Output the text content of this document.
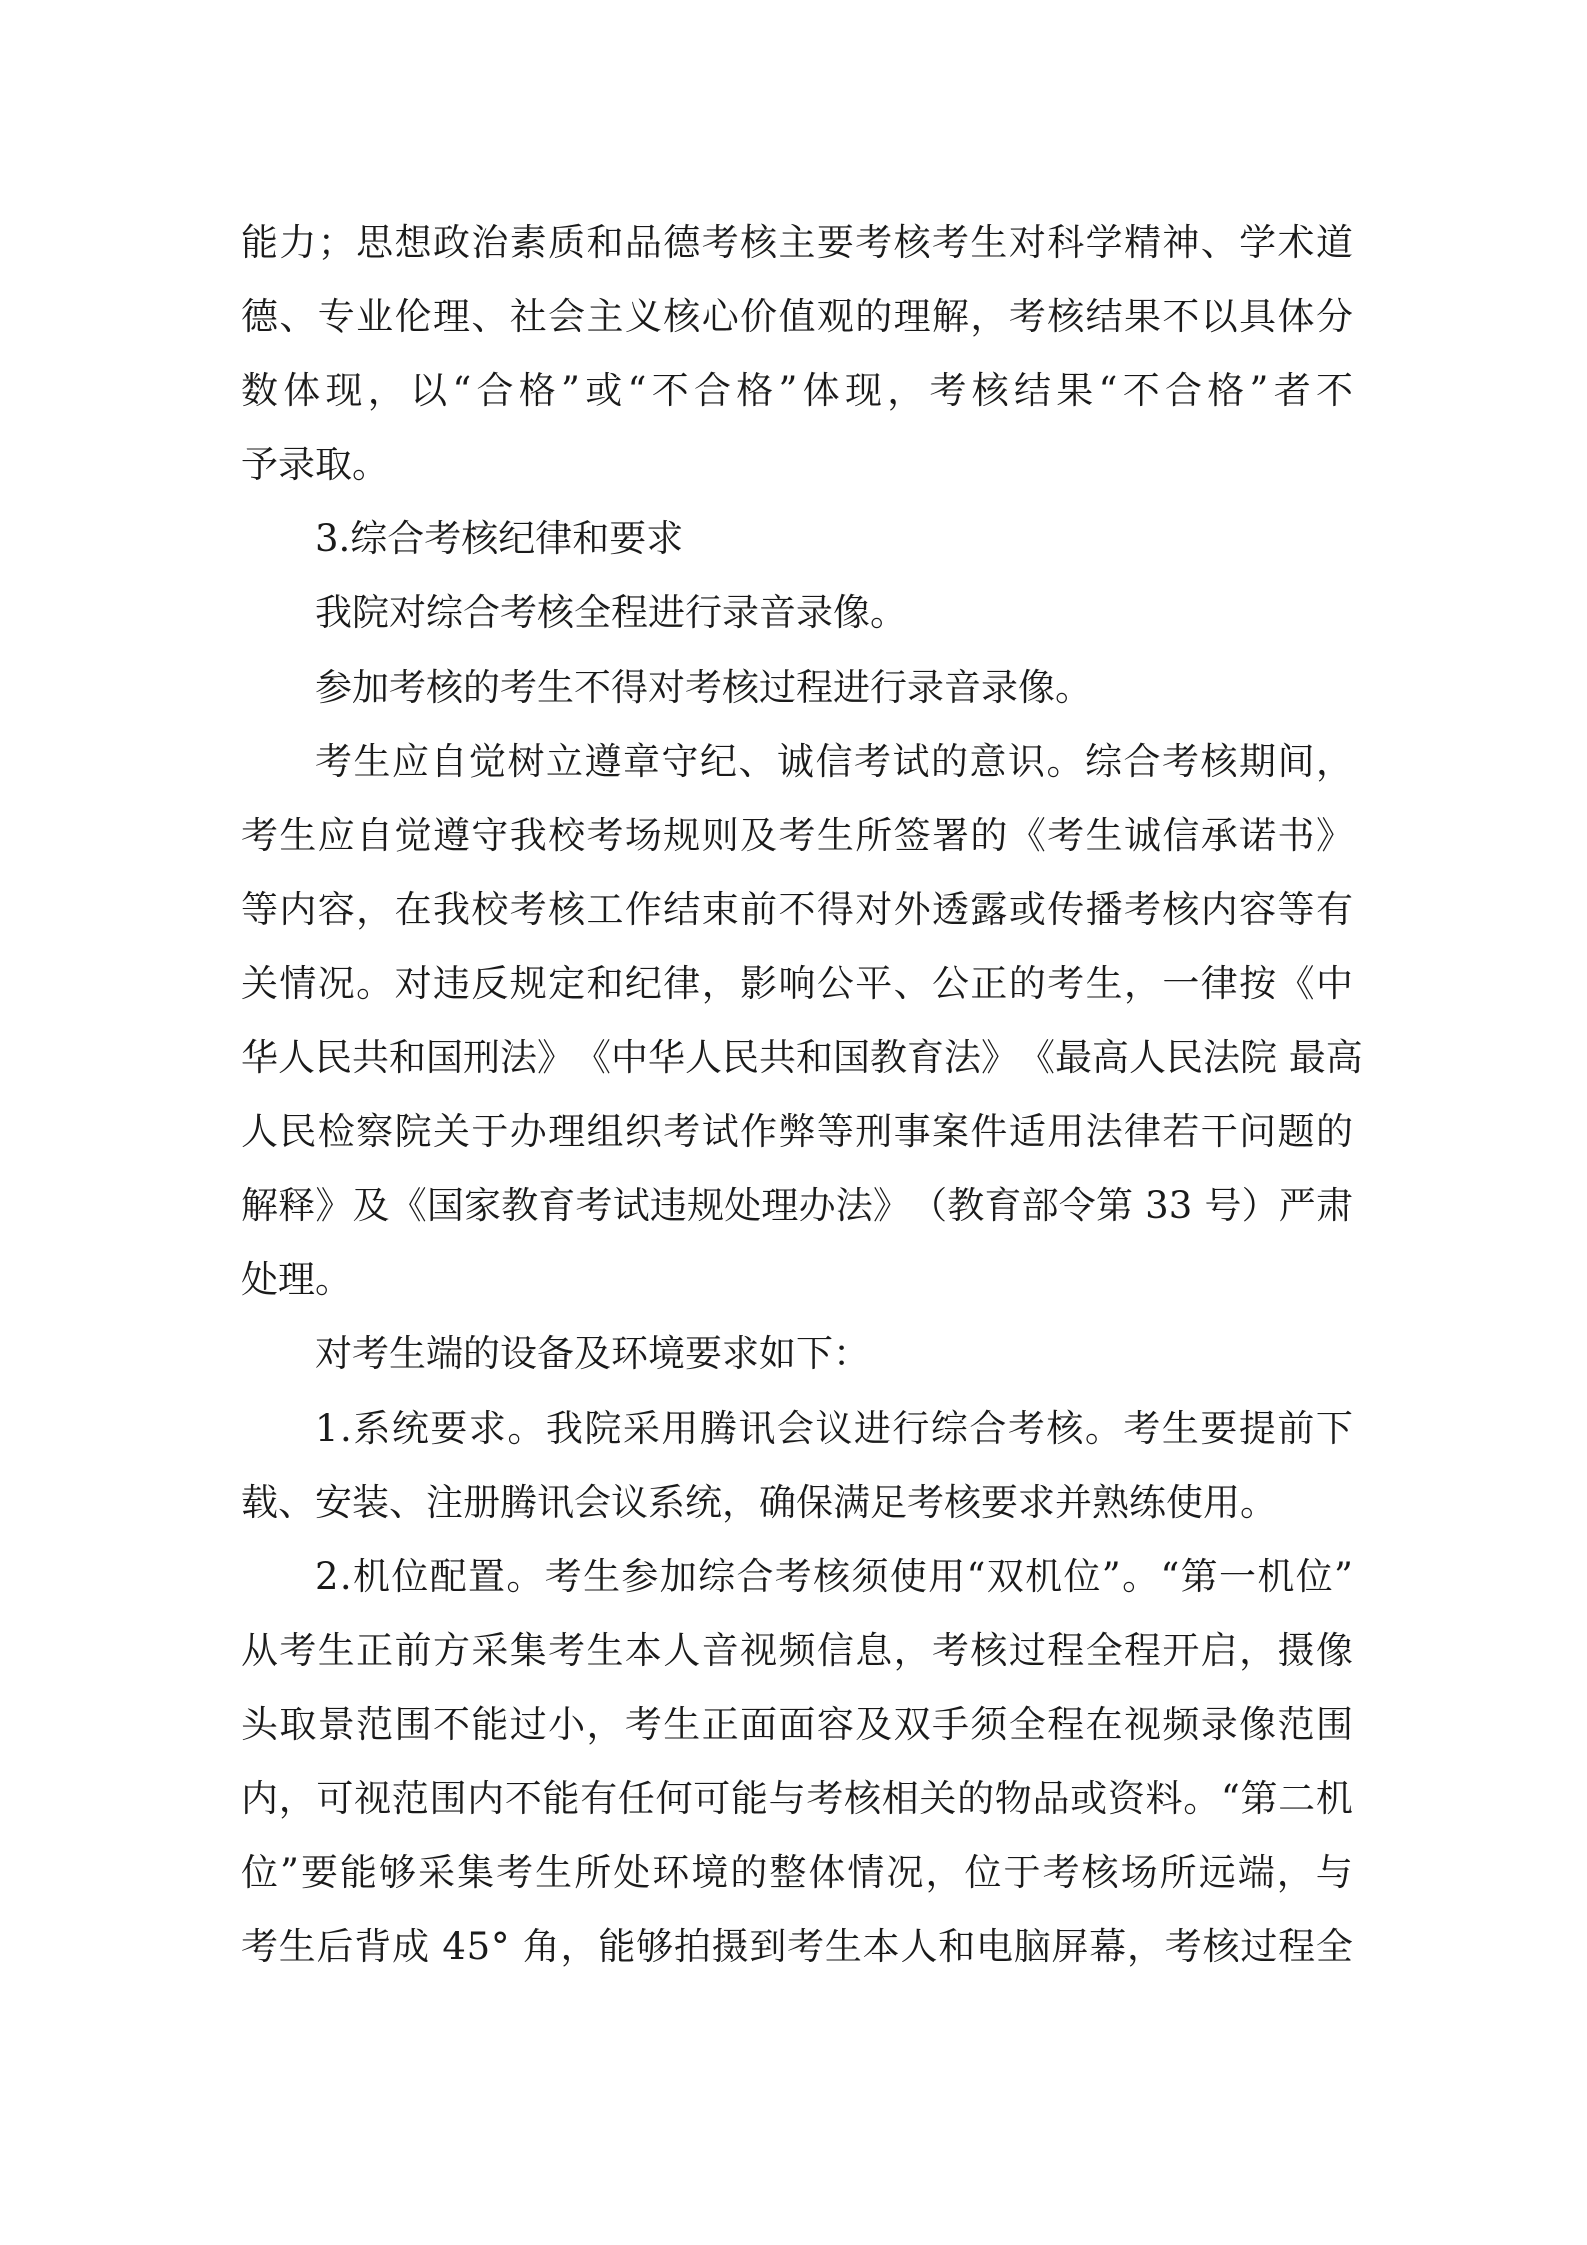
能 力 ； 思 想 政 治 素 质 和 品 德 考 核 主 要 考 核 考 生 对 科 学 精 神 、 学 术 道
德 、 专 业 伦 理 、 社 会 主 义 核 心 价 值 观 的 理 解 ， 考 核 结 果 不 以 具 体 分
数 体 现 ， 以 “ 合 格 ” 或 “ 不 合 格 ” 体 现 ， 考 核 结 果 “ 不 合 格 ” 者 不
予录取。
3.综合考核纪律和要求
我院对综合考核全程进行录音录像。
参加考核的考生不得对考核过程进行录音录像。
考 生 应 自 觉 树 立 遵 章 守 纪 、 诚 信 考 试 的 意 识 。 综 合 考 核 期 间 ，
考 生 应 自 觉 遵 守 我 校 考 场 规 则 及 考 生 所 签 署 的 《 考 生 诚 信 承 诺 书 》
等 内 容 ， 在 我 校 考 核 工 作 结 束 前 不 得 对 外 透 露 或 传 播 考 核 内 容 等 有
关 情 况 。 对 违 反 规 定 和 纪 律 ， 影 响 公 平 、 公 正 的 考 生 ， 一 律 按 《 中
华 人 民 共 和 国 刑 法 》 《 中 华 人 民 共 和 国 教 育 法 》 《 最 高 人 民 法 院
最 高
人 民 检 察 院 关 于 办 理 组 织 考 试 作 弊 等 刑 事 案 件 适 用 法 律 若 干 问 题 的
解 释 》 及 《 国 家 教 育 考 试 违 规 处 理 办 法 》 （ 教 育 部 令 第
3 3
号 ） 严 肃
处理。
对考生端的设备及环境要求如下：
1 . 系 统 要 求 。 我 院 采 用 腾 讯 会 议 进 行 综 合 考 核 。 考 生 要 提 前 下
载、安装、注册腾讯会议系统，确保满足考核要求并熟练使用。
2 . 机 位 配 置 。 考 生 参 加 综 合 考 核 须 使 用 “ 双 机 位 ” 。 “ 第 一 机 位 ”
从 考 生 正 前 方 采 集 考 生 本 人 音 视 频 信 息 ， 考 核 过 程 全 程 开 启 ， 摄 像
头 取 景 范 围 不 能 过 小 ， 考 生 正 面 面 容 及 双 手 须 全 程 在 视 频 录 像 范 围
内 ， 可 视 范 围 内 不 能 有 任 何 可 能 与 考 核 相 关 的 物 品 或 资 料 。 “ 第 二 机
位 ” 要 能 够 采 集 考 生 所 处 环 境 的 整 体 情 况 ， 位 于 考 核 场 所 远 端 ， 与
考 生 后 背 成
4 5 °
角 ， 能 够 拍 摄 到 考 生 本 人 和 电 脑 屏 幕 ， 考 核 过 程 全
